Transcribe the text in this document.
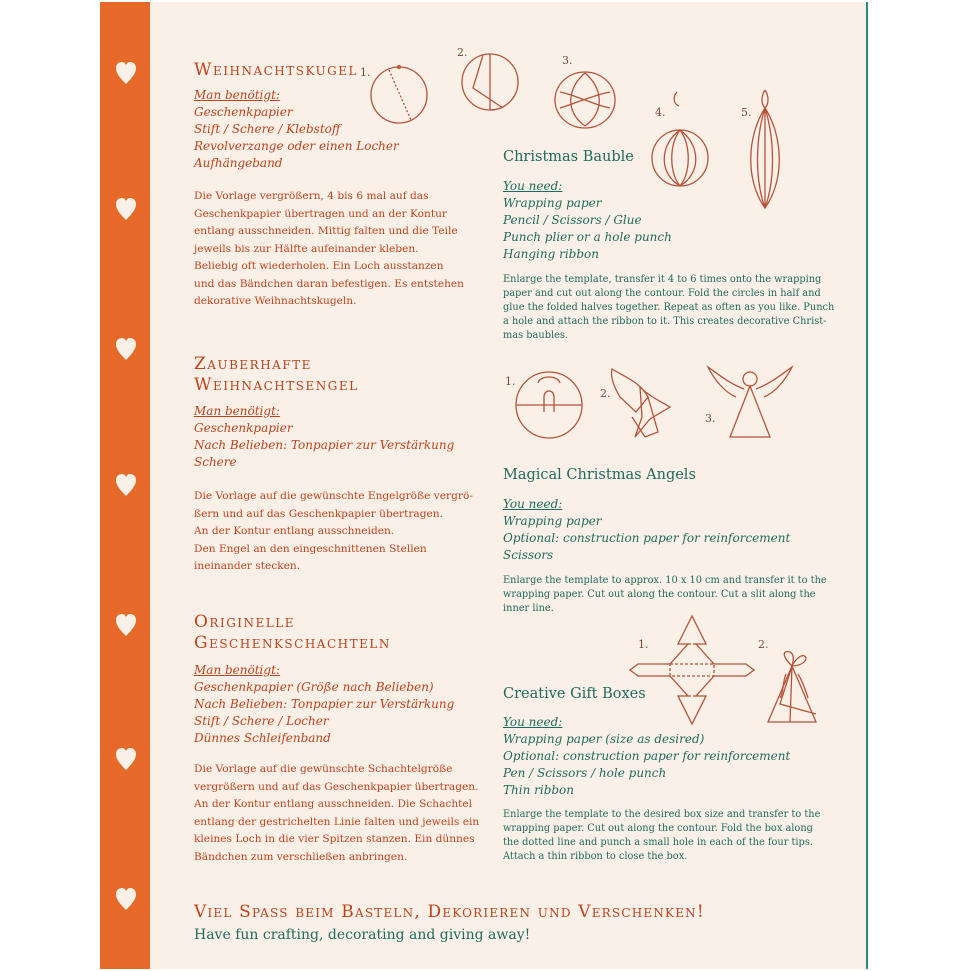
Weihnachtskugel
Man benötigt:
Geschenkpapier
Stift / Schere / Klebstoff
Revolverzange oder einen Locher
Aufhängeband
Die Vorlage vergrößern, 4 bis 6 mal auf das
Geschenkpapier übertragen und an der Kontur
entlang ausschneiden. Mittig falten und die Teile
jeweils bis zur Hälfte aufeinander kleben.
Beliebig oft wiederholen. Ein Loch ausstanzen
und das Bändchen daran befestigen. Es entstehen
dekorative Weihnachtskugeln.
1.
2.
3.
4.	5.
Christmas Bauble
You need:
Wrapping paper
Pencil / Scissors / Glue
Punch plier or a hole punch
Hanging ribbon
Enlarge the template, transfer it 4 to 6 times onto the wrapping
paper and cut out along the contour. Fold the circles in half and
glue the folded halves together. Repeat as often as you like. Punch
a hole and attach the ribbon to it. This creates decorative Christ-
mas baubles.
Zauberhafte
Weihnachtsengel
Man benötigt:
Geschenkpapier
Nach Belieben: Tonpapier zur Verstärkung
Schere
Die Vorlage auf die gewünschte Engelgröße vergrö-
ßern und auf das Geschenkpapier übertragen.
An der Kontur entlang ausschneiden.
Den Engel an den eingeschnittenen Stellen
ineinander stecken.
1.
2.
3.
Magical Christmas Angels
You need:
Wrapping paper
Optional: construction paper for reinforcement
Scissors
Enlarge the template to approx. 10 x 10 cm and transfer it to the
wrapping paper. Cut out along the contour. Cut a slit along the
inner line.
Originelle
Geschenkschachteln
Man benötigt:
Geschenkpapier (Größe nach Belieben)
Nach Belieben: Tonpapier zur Verstärkung
Stift / Schere / Locher
Dünnes Schleifenband
Die Vorlage auf die gewünschte Schachtelgröße
vergrößern und auf das Geschenkpapier übertragen.
An der Kontur entlang ausschneiden. Die Schachtel
entlang der gestrichelten Linie falten und jeweils ein
kleines Loch in die vier Spitzen stanzen. Ein dünnes
Bändchen zum verschließen anbringen.
1.	2.
Creative Gift Boxes
You need:
Wrapping paper (size as desired)
Optional: construction paper for reinforcement
Pen / Scissors / hole punch
Thin ribbon
Enlarge the template to the desired box size and transfer to the
wrapping paper. Cut out along the contour. Fold the box along
the dotted line and punch a small hole in each of the four tips.
Attach a thin ribbon to close the box.
Viel Spass beim Basteln, Dekorieren und Verschenken!
Have fun crafting, decorating and giving away!
